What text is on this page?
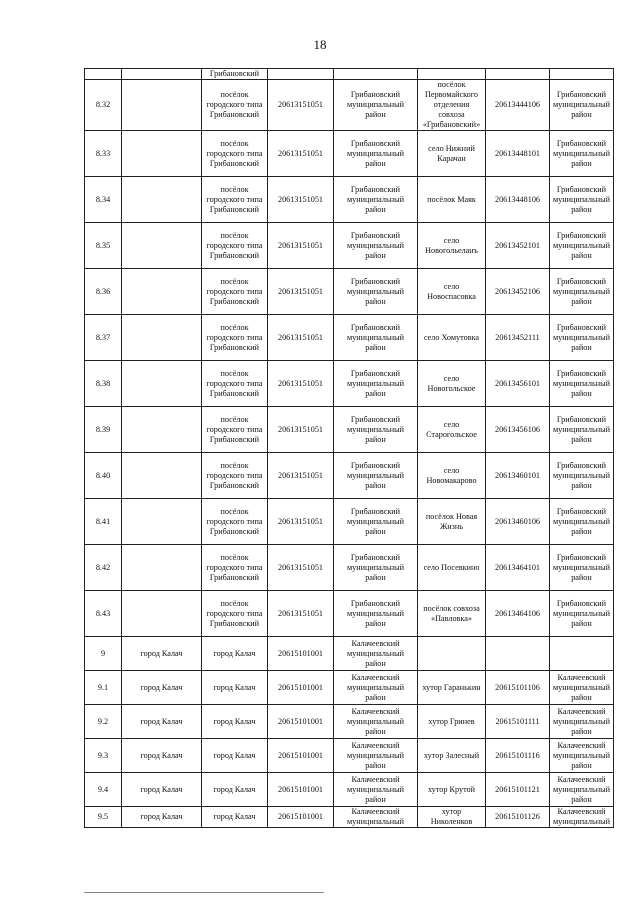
18
		Грибановский					
8.32		посёлок городского типа Грибановский	20613151051	Грибановский муниципальный район	посёлок Первомайского отделения совхоза «Грибановский»	20613444106	Грибановский муниципальный район
8.33		посёлок городского типа Грибановский	20613151051	Грибановский муниципальный район	село Нижний Карачан	20613448101	Грибановский муниципальный район
8.34		посёлок городского типа Грибановский	20613151051	Грибановский муниципальный район	посёлок Маяк	20613448106	Грибановский муниципальный район
8.35		посёлок городского типа Грибановский	20613151051	Грибановский муниципальный район	село Новогольеланъ	20613452101	Грибановский муниципальный район
8.36		посёлок городского типа Грибановский	20613151051	Грибановский муниципальный район	село Новоспасовка	20613452106	Грибановский муниципальный район
8.37		посёлок городского типа Грибановский	20613151051	Грибановский муниципальный район	село Хомутовка	20613452111	Грибановский муниципальный район
8.38		посёлок городского типа Грибановский	20613151051	Грибановский муниципальный район	село Новогольское	20613456101	Грибановский муниципальный район
8.39		посёлок городского типа Грибановский	20613151051	Грибановский муниципальный район	село Старогольское	20613456106	Грибановский муниципальный район
8.40		посёлок городского типа Грибановский	20613151051	Грибановский муниципальный район	село Новомакарово	20613460101	Грибановский муниципальный район
8.41		посёлок городского типа Грибановский	20613151051	Грибановский муниципальный район	посёлок Новая Жизнь	20613460106	Грибановский муниципальный район
8.42		посёлок городского типа Грибановский	20613151051	Грибановский муниципальный район	село Посевкино	20613464101	Грибановский муниципальный район
8.43		посёлок городского типа Грибановский	20613151051	Грибановский муниципальный район	посёлок совхоза «Павловка»	20613464106	Грибановский муниципальный район
9	город Калач	город Калач	20615101001	Калачеевский муниципальный район			
9.1	город Калач	город Калач	20615101001	Калачеевский муниципальный район	хутор Гаранькин	20615101106	Калачеевский муниципальный район
9.2	город Калач	город Калач	20615101001	Калачеевский муниципальный район	хутор Гринев	20615101111	Калачеевский муниципальный район
9.3	город Калач	город Калач	20615101001	Калачеевский муниципальный район	хутор Залесный	20615101116	Калачеевский муниципальный район
9.4	город Калач	город Калач	20615101001	Калачеевский муниципальный район	хутор Крутой	20615101121	Калачеевский муниципальный район
9.5	город Калач	город Калач	20615101001	Калачеевский муниципальный	хутор Николенков	20615101126	Калачеевский муниципальный
